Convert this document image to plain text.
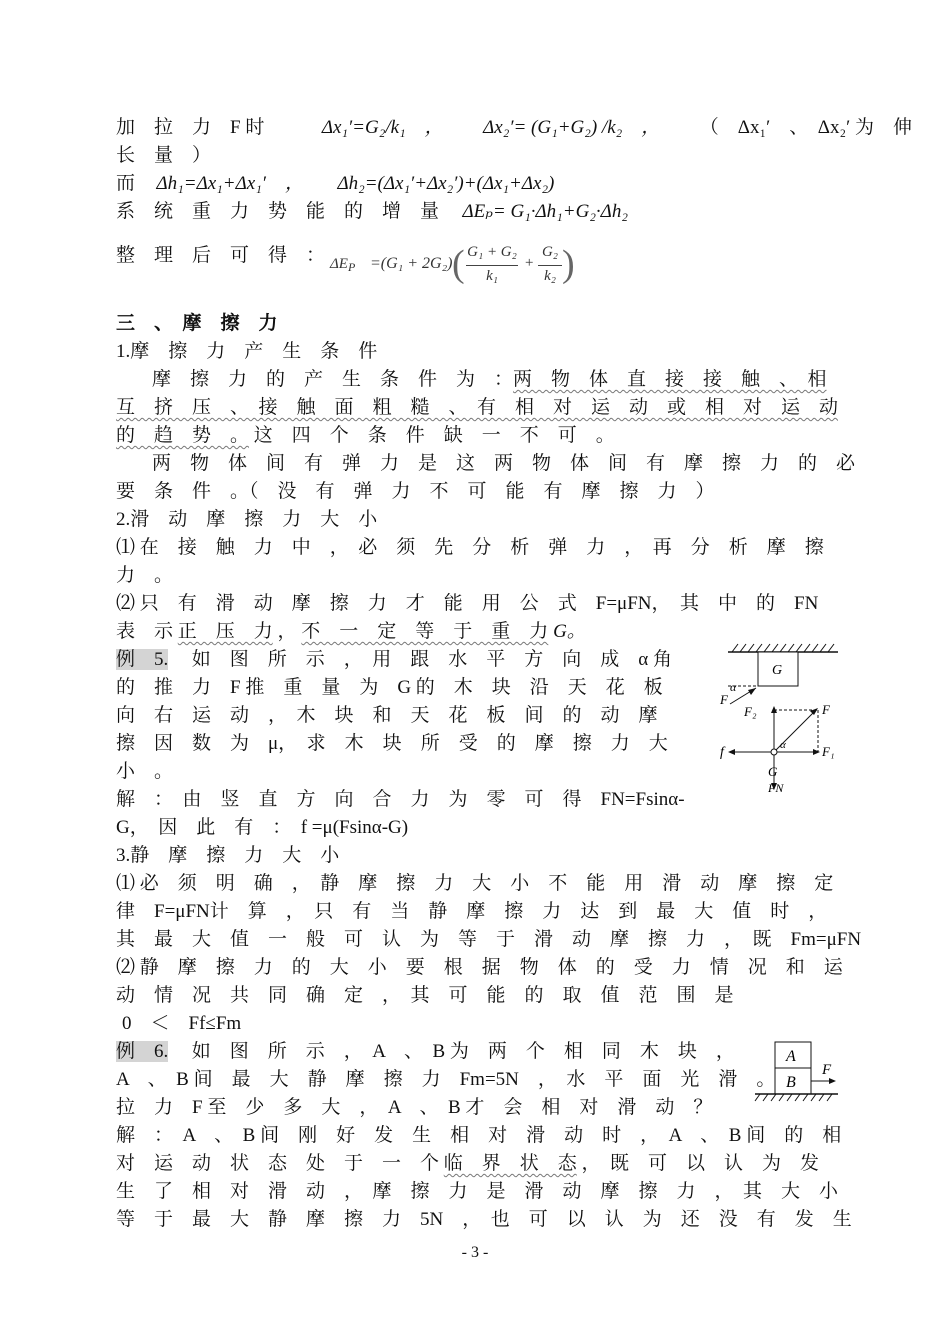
加　拉　力　F 时	Δx₁′=G₂/k₁　， Δx₂′= (G₁+G₂) /k₂　， （　Δx₁′　、　Δx₂′ 为　伸
长　量　）
而 Δh₁=Δx₁+Δx₁′　， Δh₂=(Δx₁′+Δx₂′)+(Δx₁+Δx₂)
系　统　重　力　势　能　的　增　量 ΔEₚ= G₁·Δh₁+G₂·Δh₂
整　理　后　可　得　： $\Delta E_P =(G_1 + 2G_2)$ ( G₁ + G₂
k₁
+
G₂
k₂ )
三　、　摩　擦　力
1.摩　擦　力　产　生　条　件
摩　擦　力　的　产　生　条　件　为　： 两　物　体　直　接　接　触　、　相
互　挤　压　、　接　触　面　粗　糙　、　有　相　对　运　动　或　相　对　运　动
的　趋　势　。 这　四　个　条　件　缺　一　不　可　。
两　物　体　间　有　弹　力　是　这　两　物　体　间　有　摩　擦　力　的　必
要　条　件　。（　没　有　弹　力　不　可　能　有　摩　擦　力　）
2.滑　动　摩　擦　力　大　小
⑴ 在　接　触　力　中　，　必　须　先　分　析　弹　力　，　再　分　析　摩　擦
力　。
⑵ 只　有　滑　动　摩　擦　力　才　能　用　公　式　F=μFN，　其　中　的　FN
表　示 正　压　力 ， 不　一　定　等　于　重　力 G。
例　5. 如　图　所　示　，　用　跟　水　平　方　向　成　α 角
的　推　力　F 推　重　量　为　G 的　木　块　沿　天　花　板
向　右　运　动　，　木　块　和　天　花　板　间　的　动　摩
擦　因　数　为　μ，　求　木　块　所　受　的　摩　擦　力　大
小　。
解　：　由　竖　直　方　向　合　力　为　零　可　得　FN=Fsinα-
G，　因　此　有　：　f =μ(Fsinα-G)
G
α
F
F₂	F
F₁
f	α
G
FN
3.静　摩　擦　力　大　小
⑴ 必　须　明　确　，　静　摩　擦　力　大　小　不　能　用　滑　动　摩　擦　定
律　F=μFN计　算　，　只　有　当　静　摩　擦　力　达　到　最　大　值　时　，
其　最　大　值　一　般　可　认　为　等　于　滑　动　摩　擦　力　，　既　Fm=μFN
⑵ 静　摩　擦　力　的　大　小　要　根　据　物　体　的　受　力　情　况　和　运
动　情　况　共　同　确　定　，　其　可　能　的　取　值　范　围　是
0　＜　Ff≤Fm
例　6. 如　图　所　示　，　A　、　B 为　两　个　相　同　木　块　，
A　、　B 间　最　大　静　摩　擦　力　Fm=5N　，　水　平　面　光　滑　。
拉　力　F 至　少　多　大　，　A　、　B 才　会　相　对　滑　动　？
A
B
F
解　：　A　、　B 间　刚　好　发　生　相　对　滑　动　时　，　A　、　B 间　的　相
对　运　动　状　态　处　于　一　个 临　界　状　态 ，　既　可　以　认　为　发
生　了　相　对　滑　动　，　摩　擦　力　是　滑　动　摩　擦　力　，　其　大　小
等　于　最　大　静　摩　擦　力　5N　，　也　可　以　认　为　还　没　有　发　生
- 3 -
